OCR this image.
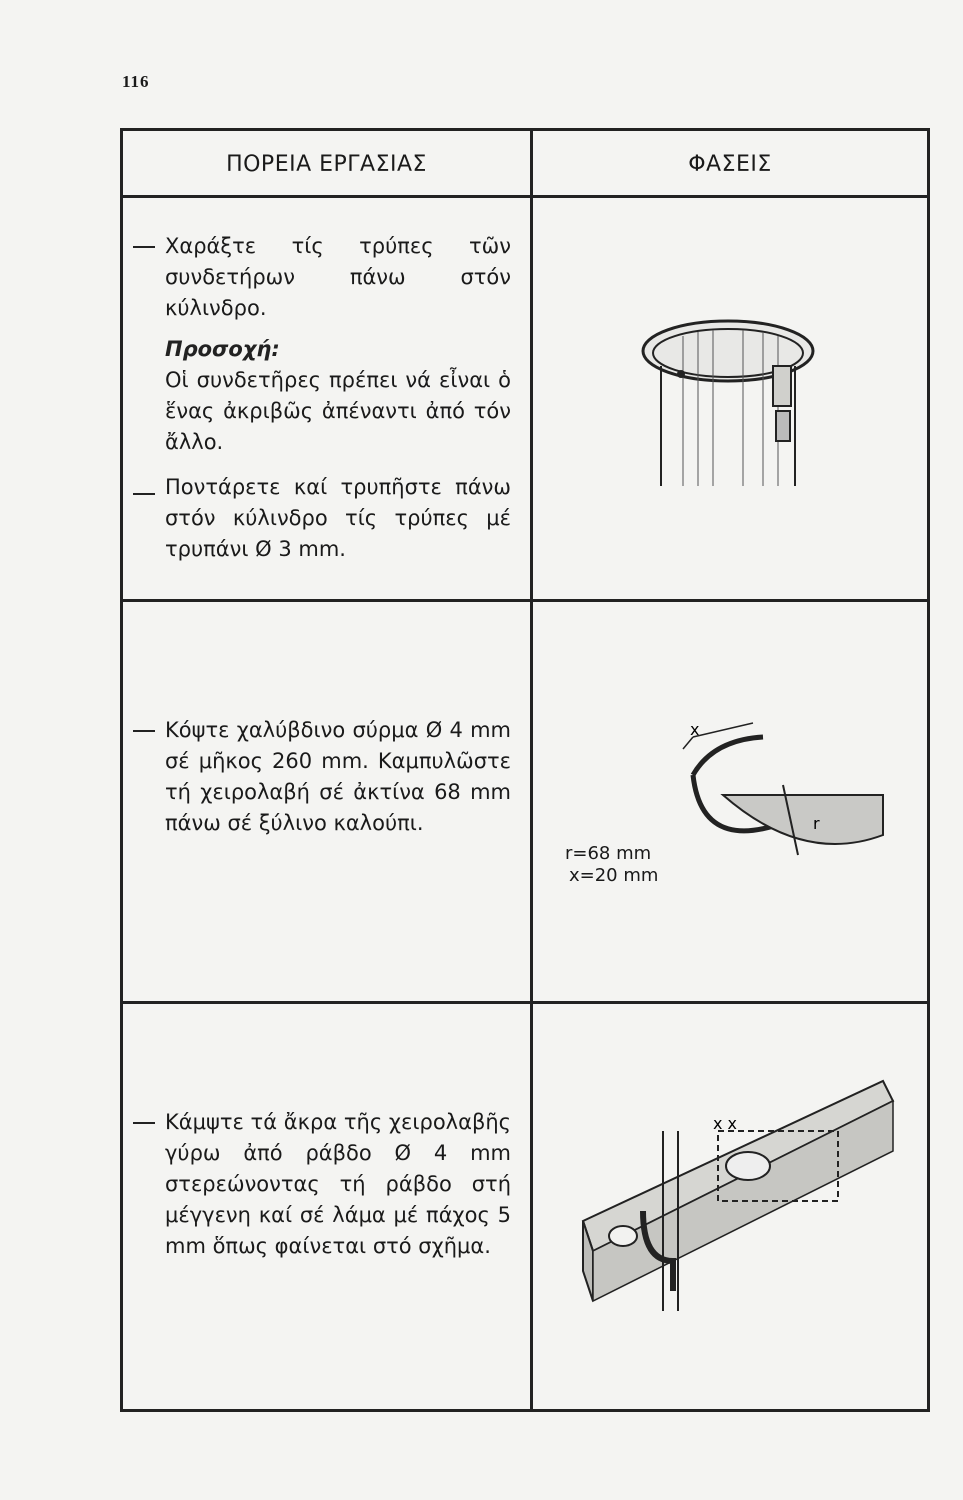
116
ΠΟΡΕΙΑ ΕΡΓΑΣΙΑΣ	ΦΑΣΕΙΣ

Χαράξτε τίς τρύπες τῶν συνδετήρων πάνω στόν κύλινδρο.

Προσοχή:

Οἱ συνδετῆρες πρέπει νά εἶναι ὁ ἕνας ἀκριβῶς ἀπέναντι ἀπό τόν ἄλλο.

Ποντάρετε καί τρυπῆστε πάνω στόν κύλινδρο τίς τρύπες μέ τρυπάνι Ø 3 mm.

Κόψτε χαλύβδινο σύρμα Ø 4 mm σέ μῆκος 260 mm. Καμπυλῶστε τή χειρολαβή σέ ἀκτίνα 68 mm πάνω σέ ξύλινο καλούπι.

x
r
r=68 mm
x=20 mm

Κάμψτε τά ἄκρα τῆς χειρολαβῆς γύρω ἀπό ράβδο Ø 4 mm στερεώνοντας τή ράβδο στή μέγγενη καί σέ λάμα μέ πάχος 5 mm ὅπως φαίνεται στό σχῆμα.

x x
